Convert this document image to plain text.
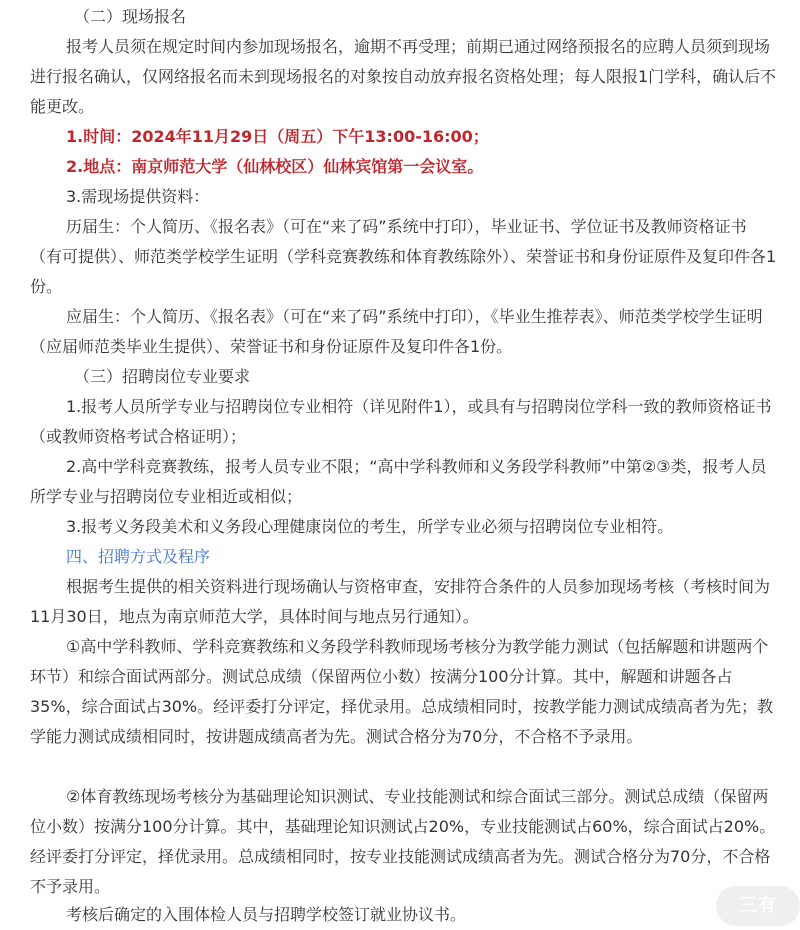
（二）现场报名

报考人员须在规定时间内参加现场报名，逾期不再受理；前期已通过网络预报名的应聘人员须到现场进行报名确认，仅网络报名而未到现场报名的对象按自动放弃报名资格处理；每人限报1门学科，确认后不能更改。

1.时间：2024年11月29日（周五）下午13:00-16:00；

2.地点：南京师范大学（仙林校区）仙林宾馆第一会议室。

3.需现场提供资料：

历届生：个人简历、《报名表》（可在“来了码”系统中打印），毕业证书、学位证书及教师资格证书（有可提供）、师范类学校学生证明（学科竞赛教练和体育教练除外）、荣誉证书和身份证原件及复印件各1份。

应届生：个人简历、《报名表》（可在“来了码”系统中打印），《毕业生推荐表》、师范类学校学生证明（应届师范类毕业生提供）、荣誉证书和身份证原件及复印件各1份。

（三）招聘岗位专业要求

1.报考人员所学专业与招聘岗位专业相符（详见附件1），或具有与招聘岗位学科一致的教师资格证书（或教师资格考试合格证明）；

2.高中学科竞赛教练，报考人员专业不限；“高中学科教师和义务段学科教师”中第②③类，报考人员所学专业与招聘岗位专业相近或相似；

3.报考义务段美术和义务段心理健康岗位的考生，所学专业必须与招聘岗位专业相符。

四、招聘方式及程序

根据考生提供的相关资料进行现场确认与资格审查，安排符合条件的人员参加现场考核（考核时间为11月30日，地点为南京师范大学，具体时间与地点另行通知）。

①高中学科教师、学科竞赛教练和义务段学科教师现场考核分为教学能力测试（包括解题和讲题两个环节）和综合面试两部分。测试总成绩（保留两位小数）按满分100分计算。其中，解题和讲题各占35%，综合面试占30%。经评委打分评定，择优录用。总成绩相同时，按教学能力测试成绩高者为先；教学能力测试成绩相同时，按讲题成绩高者为先。测试合格分为70分，不合格不予录用。

②体育教练现场考核分为基础理论知识测试、专业技能测试和综合面试三部分。测试总成绩（保留两位小数）按满分100分计算。其中，基础理论知识测试占20%，专业技能测试占60%，综合面试占20%。经评委打分评定，择优录用。总成绩相同时，按专业技能测试成绩高者为先。测试合格分为70分，不合格不予录用。

考核后确定的入围体检人员与招聘学校签订就业协议书。	三有
